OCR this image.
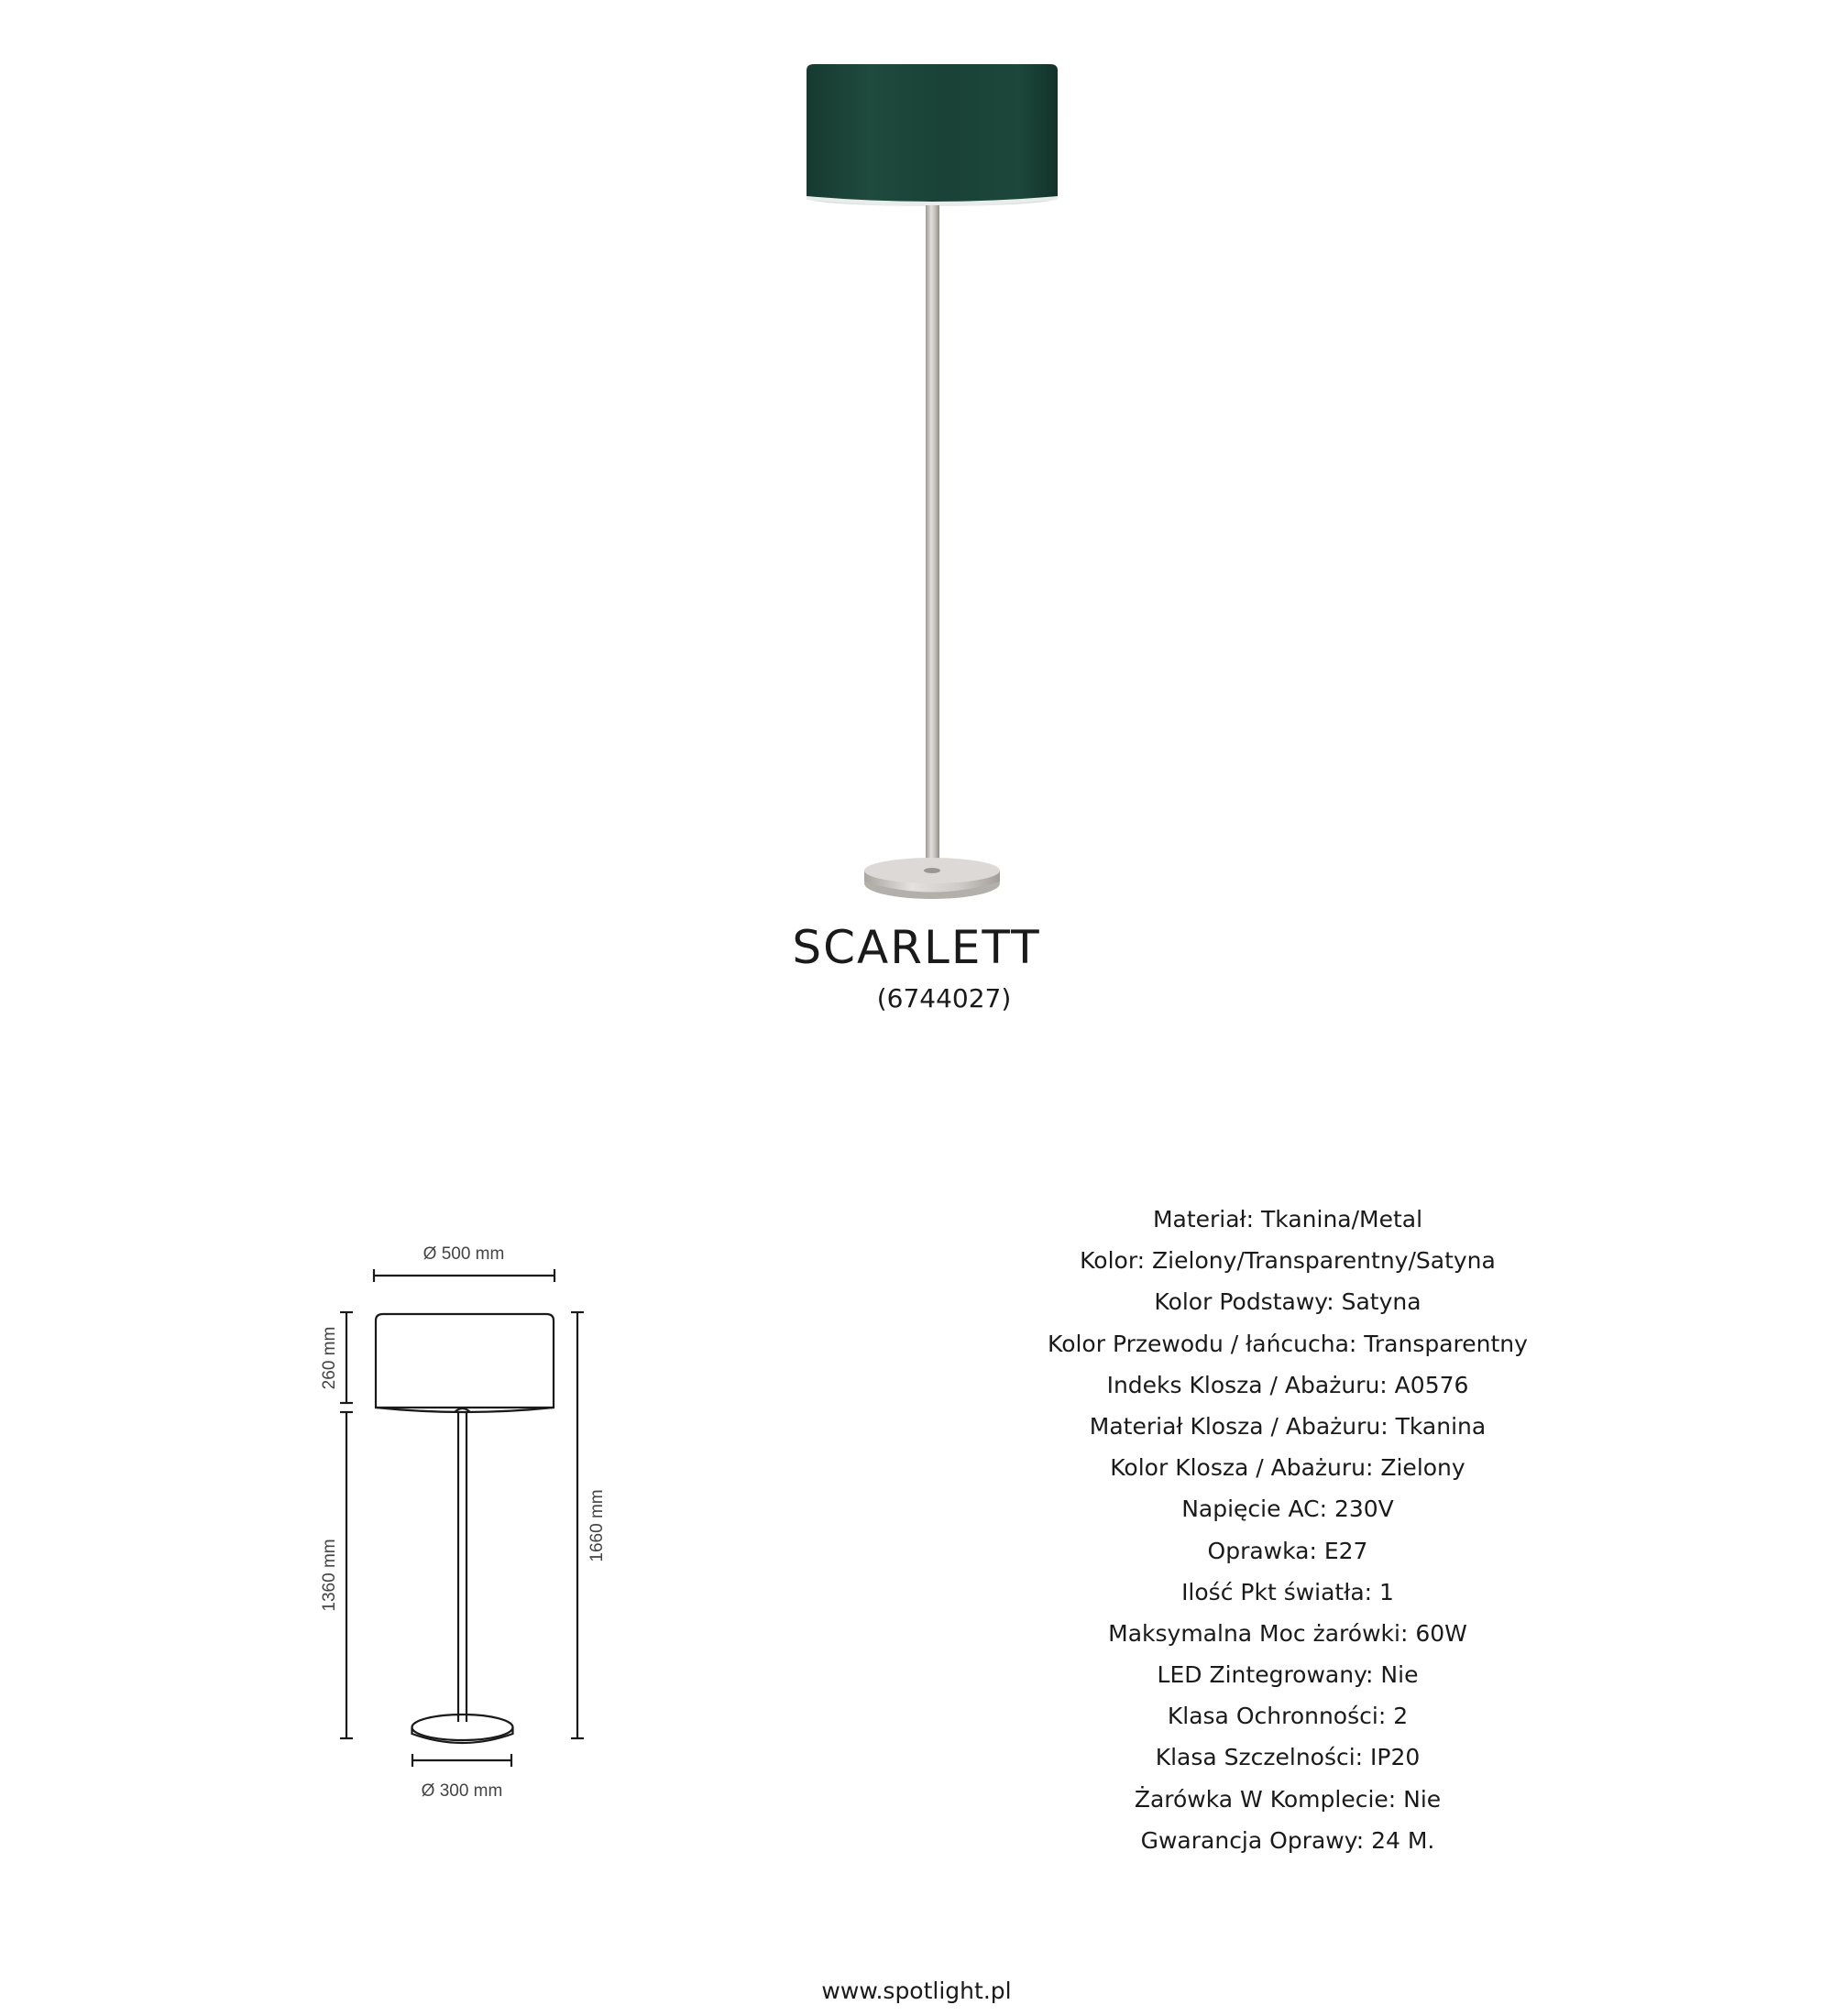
SCARLETT
(6744027)
Ø 500 mm
260 mm
1360 mm
1660 mm
Ø 300 mm
Materiał: Tkanina/Metal
Kolor: Zielony/Transparentny/Satyna
Kolor Podstawy: Satyna
Kolor Przewodu / łańcucha: Transparentny
Indeks Klosza / Abażuru: A0576
Materiał Klosza / Abażuru: Tkanina
Kolor Klosza / Abażuru: Zielony
Napięcie AC: 230V
Oprawka: E27
Ilość Pkt światła: 1
Maksymalna Moc żarówki: 60W
LED Zintegrowany: Nie
Klasa Ochronności: 2
Klasa Szczelności: IP20
Żarówka W Komplecie: Nie
Gwarancja Oprawy: 24 M.
www.spotlight.pl
